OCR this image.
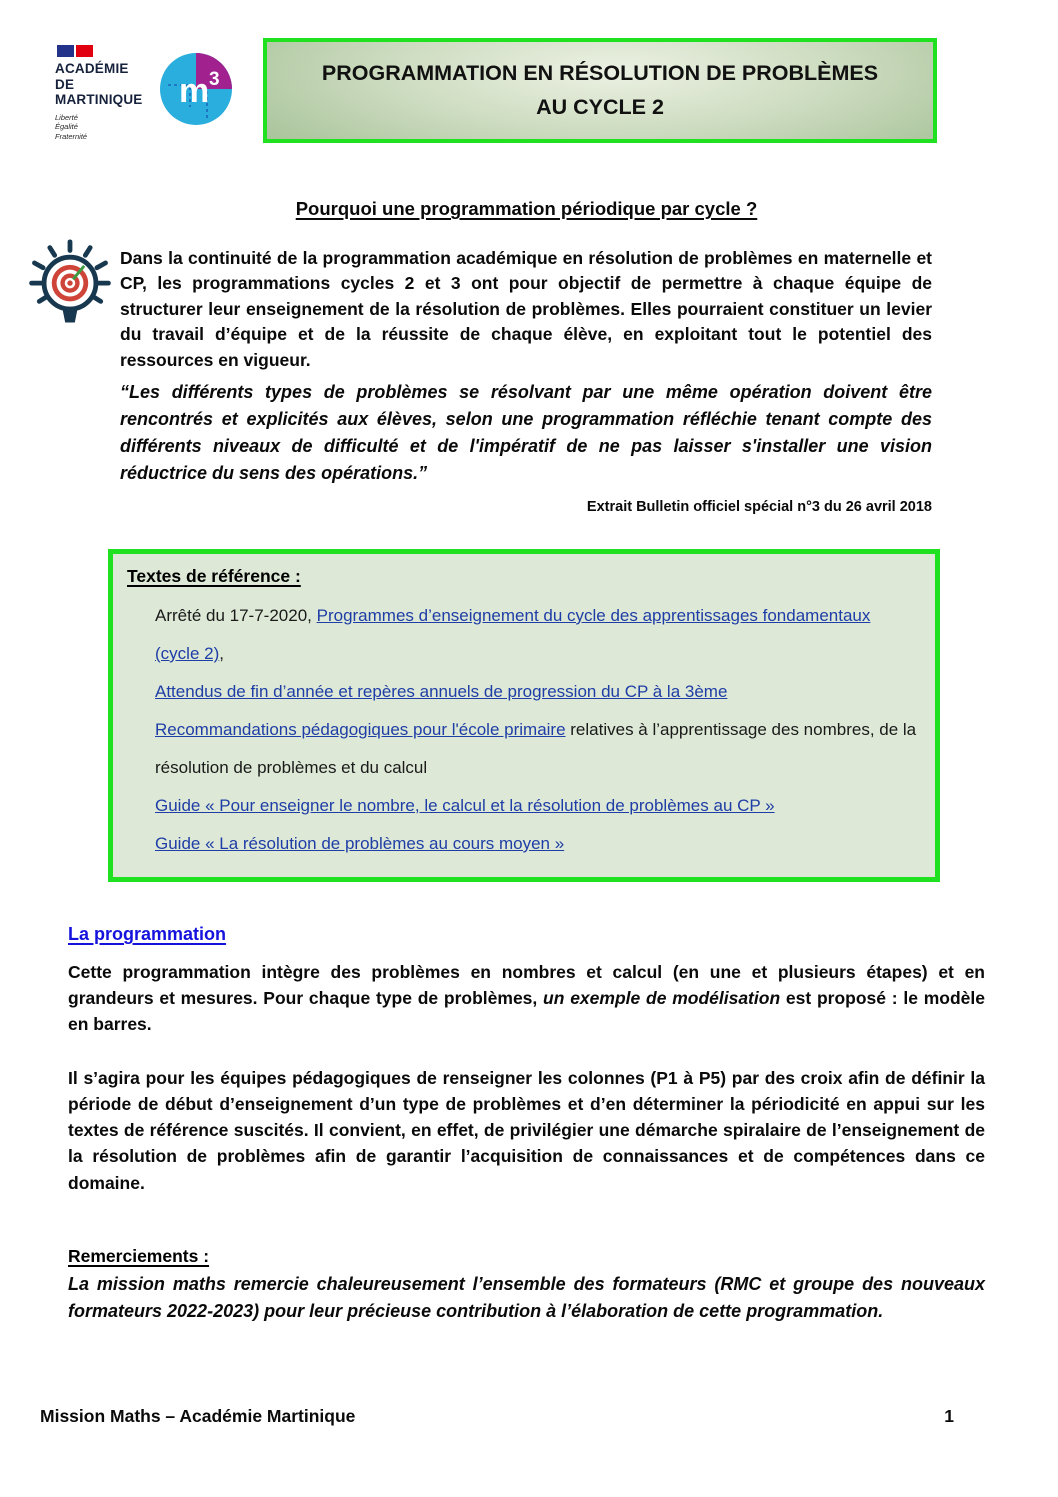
ACADÉMIE
DE MARTINIQUE
Liberté
Égalité
Fraternité
m 3	PROGRAMMATION EN RÉSOLUTION DE PROBLÈMES
AU CYCLE 2
Pourquoi une programmation périodique par cycle ?

Dans la continuité de la programmation académique en résolution de problèmes en maternelle et CP, les programmations cycles 2 et 3 ont pour objectif de permettre à chaque équipe de structurer leur enseignement de la résolution de problèmes. Elles pourraient constituer un levier du travail d’équipe et de la réussite de chaque élève, en exploitant tout le potentiel des ressources en vigueur.

“Les différents types de problèmes se résolvant par une même opération doivent être rencontrés et explicités aux élèves, selon une programmation réfléchie tenant compte des différents niveaux de difficulté et de l'impératif de ne pas laisser s'installer une vision réductrice du sens des opérations.”

Extrait Bulletin officiel spécial n°3 du 26 avril 2018

Textes de référence :
Arrêté du 17-7-2020, Programmes d’enseignement du cycle des apprentissages fondamentaux (cycle 2),
Attendus de fin d’année et repères annuels de progression du CP à la 3ème
Recommandations pédagogiques pour l'école primaire relatives à l’apprentissage des nombres, de la résolution de problèmes et du calcul
Guide « Pour enseigner le nombre, le calcul et la résolution de problèmes au CP »
Guide « La résolution de problèmes au cours moyen »
La programmation

Cette programmation intègre des problèmes en nombres et calcul (en une et plusieurs étapes) et en grandeurs et mesures. Pour chaque type de problèmes, un exemple de modélisation est proposé : le modèle en barres.

Il s’agira pour les équipes pédagogiques de renseigner les colonnes (P1 à P5) par des croix afin de définir la période de début d’enseignement d’un type de problèmes et d’en déterminer la périodicité en appui sur les textes de référence suscités. Il convient, en effet, de privilégier une démarche spiralaire de l’enseignement de la résolution de problèmes afin de garantir l’acquisition de connaissances et de compétences dans ce domaine.

Remerciements :

La mission maths remercie chaleureusement l’ensemble des formateurs (RMC et groupe des nouveaux formateurs 2022-2023) pour leur précieuse contribution à l’élaboration de cette programmation.

Mission Maths – Académie Martinique	1
